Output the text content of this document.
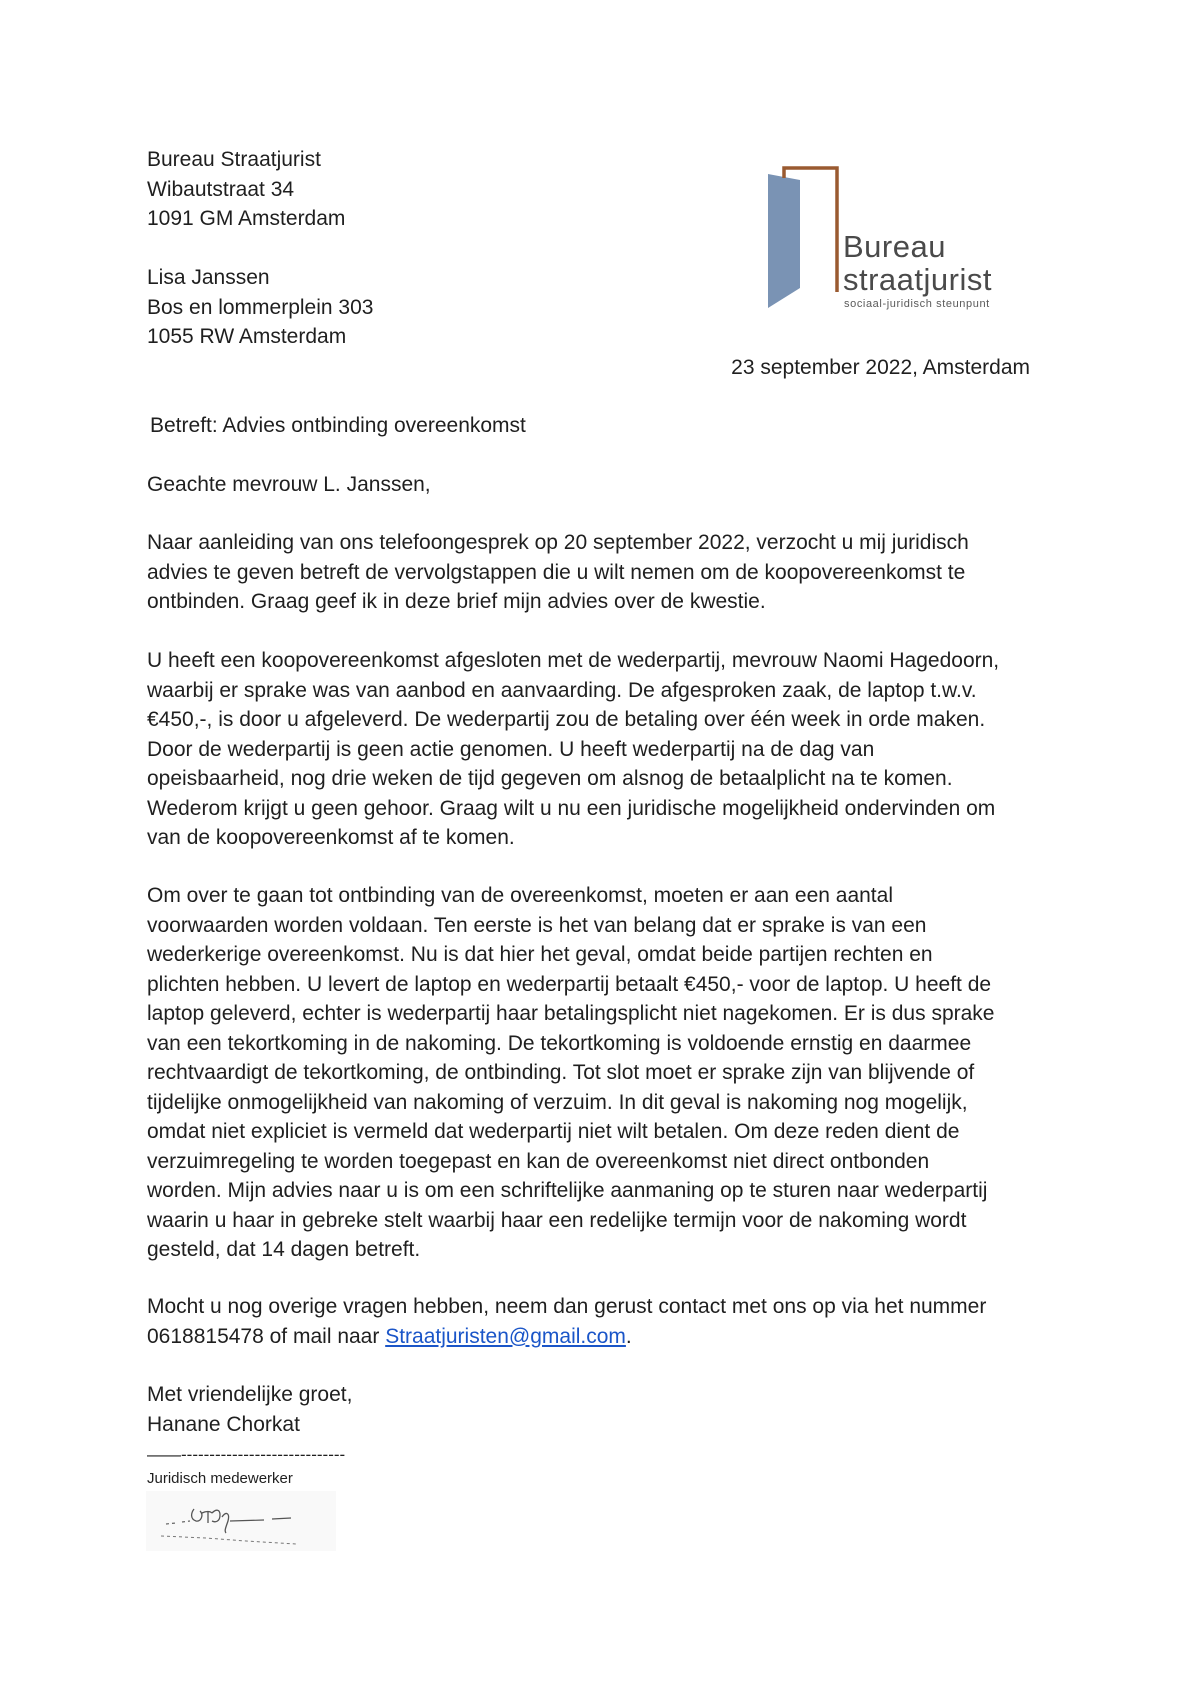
Bureau
straatjurist
sociaal-juridisch steunpunt
Bureau Straatjurist
Wibautstraat 34
1091 GM Amsterdam
Lisa Janssen
Bos en lommerplein 303
1055 RW Amsterdam
23 september 2022, Amsterdam
Betreft: Advies ontbinding overeenkomst
Geachte mevrouw L. Janssen,
Naar aanleiding van ons telefoongesprek op 20 september 2022, verzocht u mij juridisch
advies te geven betreft de vervolgstappen die u wilt nemen om de koopovereenkomst te
ontbinden. Graag geef ik in deze brief mijn advies over de kwestie.
U heeft een koopovereenkomst afgesloten met de wederpartij, mevrouw Naomi Hagedoorn,
waarbij er sprake was van aanbod en aanvaarding. De afgesproken zaak, de laptop t.w.v.
€450,-, is door u afgeleverd. De wederpartij zou de betaling over één week in orde maken.
Door de wederpartij is geen actie genomen. U heeft wederpartij na de dag van
opeisbaarheid, nog drie weken de tijd gegeven om alsnog de betaalplicht na te komen.
Wederom krijgt u geen gehoor. Graag wilt u nu een juridische mogelijkheid ondervinden om
van de koopovereenkomst af te komen.
Om over te gaan tot ontbinding van de overeenkomst, moeten er aan een aantal
voorwaarden worden voldaan. Ten eerste is het van belang dat er sprake is van een
wederkerige overeenkomst. Nu is dat hier het geval, omdat beide partijen rechten en
plichten hebben. U levert de laptop en wederpartij betaalt €450,- voor de laptop. U heeft de
laptop geleverd, echter is wederpartij haar betalingsplicht niet nagekomen. Er is dus sprake
van een tekortkoming in de nakoming. De tekortkoming is voldoende ernstig en daarmee
rechtvaardigt de tekortkoming, de ontbinding. Tot slot moet er sprake zijn van blijvende of
tijdelijke onmogelijkheid van nakoming of verzuim. In dit geval is nakoming nog mogelijk,
omdat niet expliciet is vermeld dat wederpartij niet wilt betalen. Om deze reden dient de
verzuimregeling te worden toegepast en kan de overeenkomst niet direct ontbonden
worden. Mijn advies naar u is om een schriftelijke aanmaning op te sturen naar wederpartij
waarin u haar in gebreke stelt waarbij haar een redelijke termijn voor de nakoming wordt
gesteld, dat 14 dagen betreft.
Mocht u nog overige vragen hebben, neem dan gerust contact met ons op via het nummer
0618815478 of mail naar Straatjuristen@gmail.com.
Met vriendelijke groet,
Hanane Chorkat
——-----------------------------
Juridisch medewerker
